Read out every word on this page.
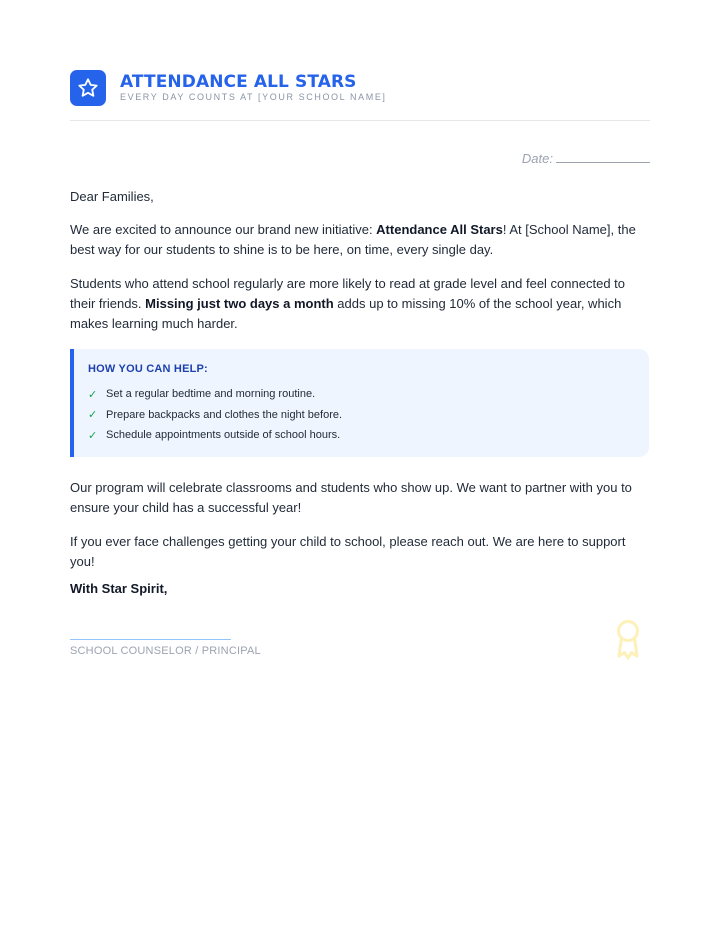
ATTENDANCE ALL STARS
EVERY DAY COUNTS AT [YOUR SCHOOL NAME]
Date:

Dear Families,

We are excited to announce our brand new initiative: Attendance All Stars! At [School Name], the best way for our students to shine is to be here, on time, every single day.

Students who attend school regularly are more likely to read at grade level and feel connected to their friends. Missing just two days a month adds up to missing 10% of the school year, which makes learning much harder.

HOW YOU CAN HELP:
✓ Set a regular bedtime and morning routine.
✓ Prepare backpacks and clothes the night before.
✓ Schedule appointments outside of school hours.

Our program will celebrate classrooms and students who show up. We want to partner with you to ensure your child has a successful year!

If you ever face challenges getting your child to school, please reach out. We are here to support you!

With Star Spirit,
SCHOOL COUNSELOR / PRINCIPAL
